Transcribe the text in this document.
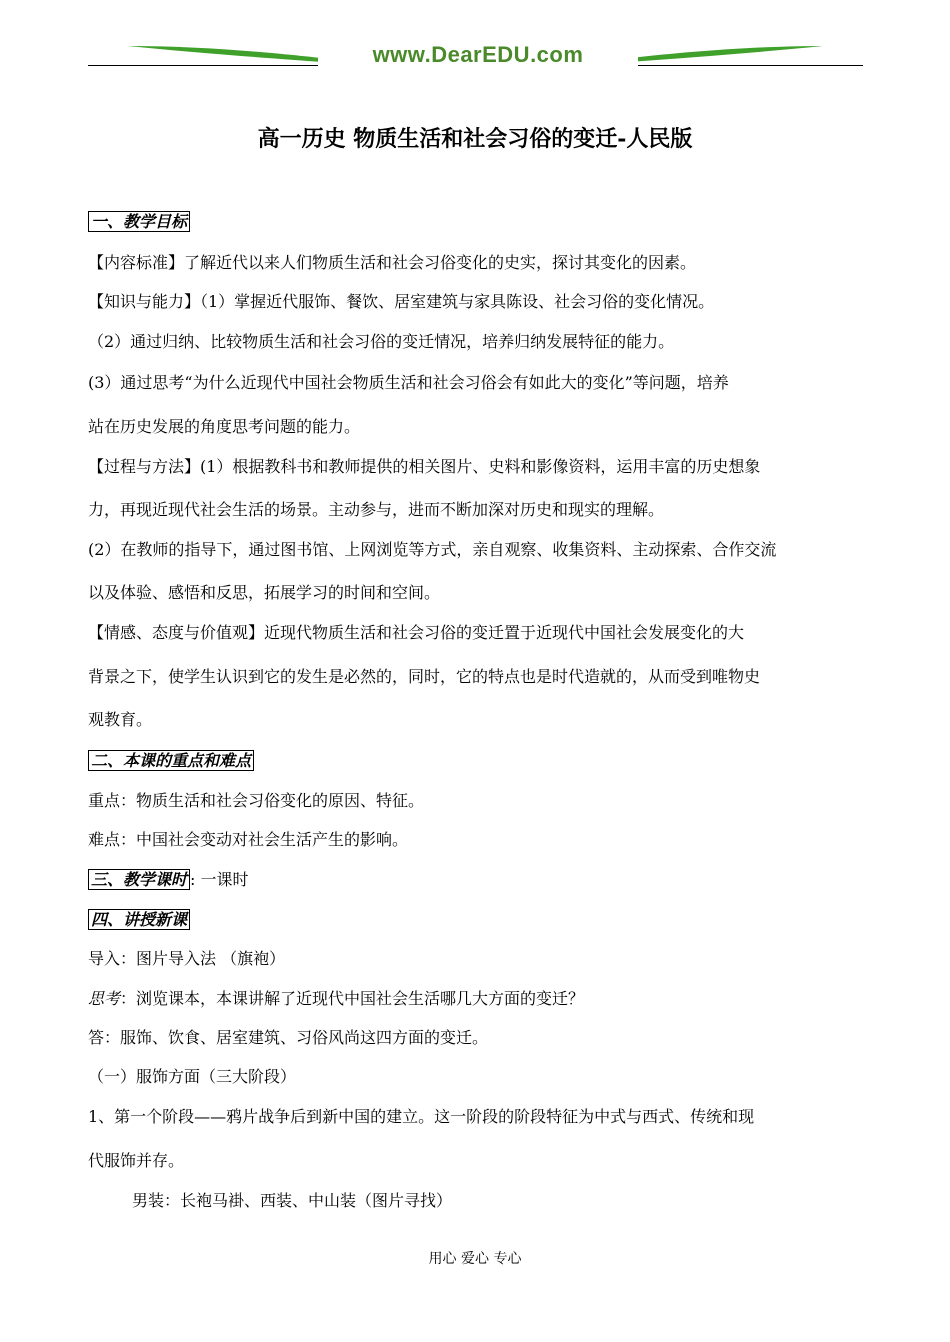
www.DearEDU.com
高一历史 物质生活和社会习俗的变迁-人民版
一、教学目标
【内容标准】了解近代以来人们物质生活和社会习俗变化的史实，探讨其变化的因素。
【知识与能力】（1）掌握近代服饰、餐饮、居室建筑与家具陈设、社会习俗的变化情况。
（2）通过归纳、比较物质生活和社会习俗的变迁情况，培养归纳发展特征的能力。
(3）通过思考“为什么近现代中国社会物质生活和社会习俗会有如此大的变化”等问题，培养
站在历史发展的角度思考问题的能力。
【过程与方法】(1）根据教科书和教师提供的相关图片、史料和影像资料，运用丰富的历史想象
力，再现近现代社会生活的场景。主动参与，进而不断加深对历史和现实的理解。
(2）在教师的指导下，通过图书馆、上网浏览等方式，亲自观察、收集资料、主动探索、合作交流
以及体验、感悟和反思，拓展学习的时间和空间。
【情感、态度与价值观】近现代物质生活和社会习俗的变迁置于近现代中国社会发展变化的大
背景之下，使学生认识到它的发生是必然的，同时，它的特点也是时代造就的，从而受到唯物史
观教育。
二、本课的重点和难点
重点：物质生活和社会习俗变化的原因、特征。
难点：中国社会变动对社会生活产生的影响。
三、教学课时 : 一课时
四、讲授新课
导入：图片导入法 （旗袍）
思考：浏览课本，本课讲解了近现代中国社会生活哪几大方面的变迁？
答：服饰、饮食、居室建筑、习俗风尚这四方面的变迁。
（一）服饰方面（三大阶段）
1、第一个阶段——鸦片战争后到新中国的建立。这一阶段的阶段特征为中式与西式、传统和现
代服饰并存。
男装：长袍马褂、西装、中山装（图片寻找）
用心 爱心 专心
